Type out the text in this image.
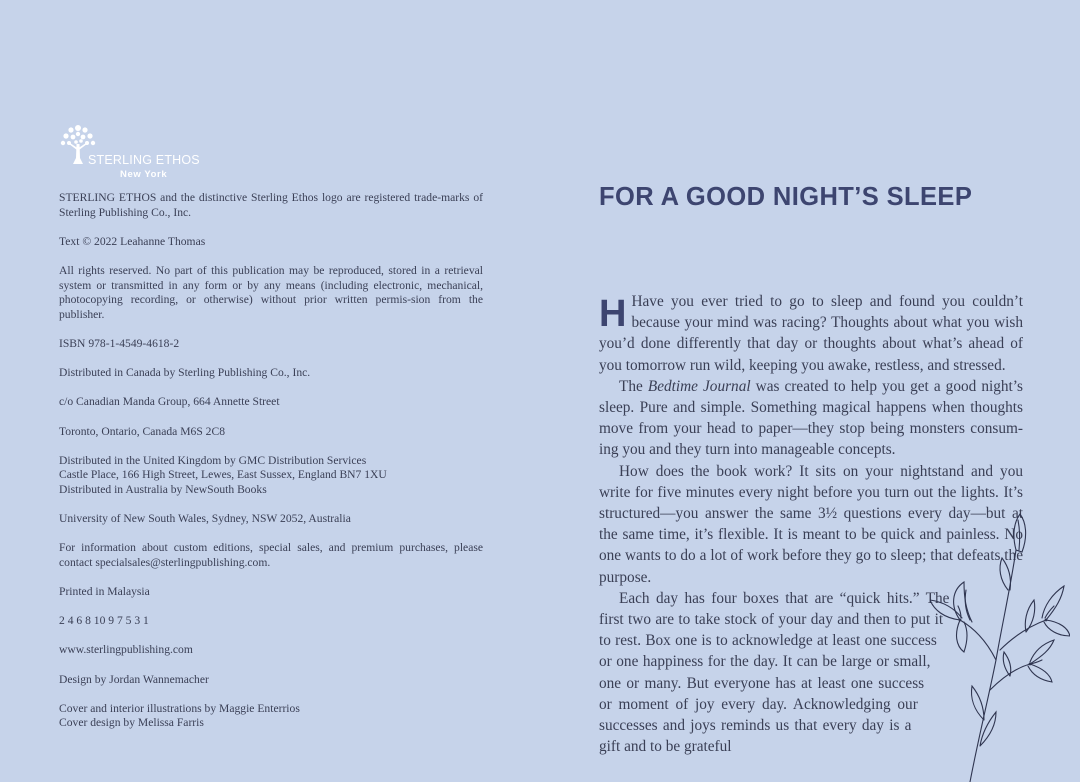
STERLING ETHOS
New York

STERLING ETHOS and the distinctive Sterling Ethos logo are registered trade-marks of Sterling Publishing Co., Inc.

Text © 2022 Leahanne Thomas

All rights reserved. No part of this publication may be reproduced, stored in a retrieval system or transmitted in any form or by any means (including electronic, mechanical, photocopying recording, or otherwise) without prior written permis-sion from the publisher.

ISBN 978-1-4549-4618-2

Distributed in Canada by Sterling Publishing Co., Inc.

c/o Canadian Manda Group, 664 Annette Street

Toronto, Ontario, Canada M6S 2C8

Distributed in the United Kingdom by GMC Distribution Services

Castle Place, 166 High Street, Lewes, East Sussex, England BN7 1XU

Distributed in Australia by NewSouth Books

University of New South Wales, Sydney, NSW 2052, Australia

For information about custom editions, special sales, and premium purchases, please contact specialsales@sterlingpublishing.com.

Printed in Malaysia

2 4 6 8 10 9 7 5 3 1

www.sterlingpublishing.com

Design by Jordan Wannemacher

Cover and interior illustrations by Maggie Enterrios

Cover design by Melissa Farris

FOR A GOOD NIGHT’S SLEEP

H Have you ever tried to go to sleep and found you couldn’t because your mind was racing? Thoughts about what you wish you’d done differently that day or thoughts about what’s ahead of you tomorrow run wild, keeping you awake, restless, and stressed.

The Bedtime Journal was created to help you get a good night’s sleep. Pure and simple. Something magical happens when thoughts move from your head to paper—they stop being monsters consum-ing you and they turn into manageable concepts.

How does the book work? It sits on your nightstand and you write for five minutes every night before you turn out the lights. It’s structured—you answer the same 3½ questions every day—but at the same time, it’s flexible. It is meant to be quick and painless. No one wants to do a lot of work before they go to sleep; that defeats the purpose.

Each day has four boxes that are “quick hits.” The first two are to take stock of your day and then to put it to rest. Box one is to acknowledge at least one success or one happiness for the day. It can be large or small, one or many. But everyone has at least one success or moment of joy every day. Acknowledging our successes and joys reminds us that every day is a gift and to be grateful
